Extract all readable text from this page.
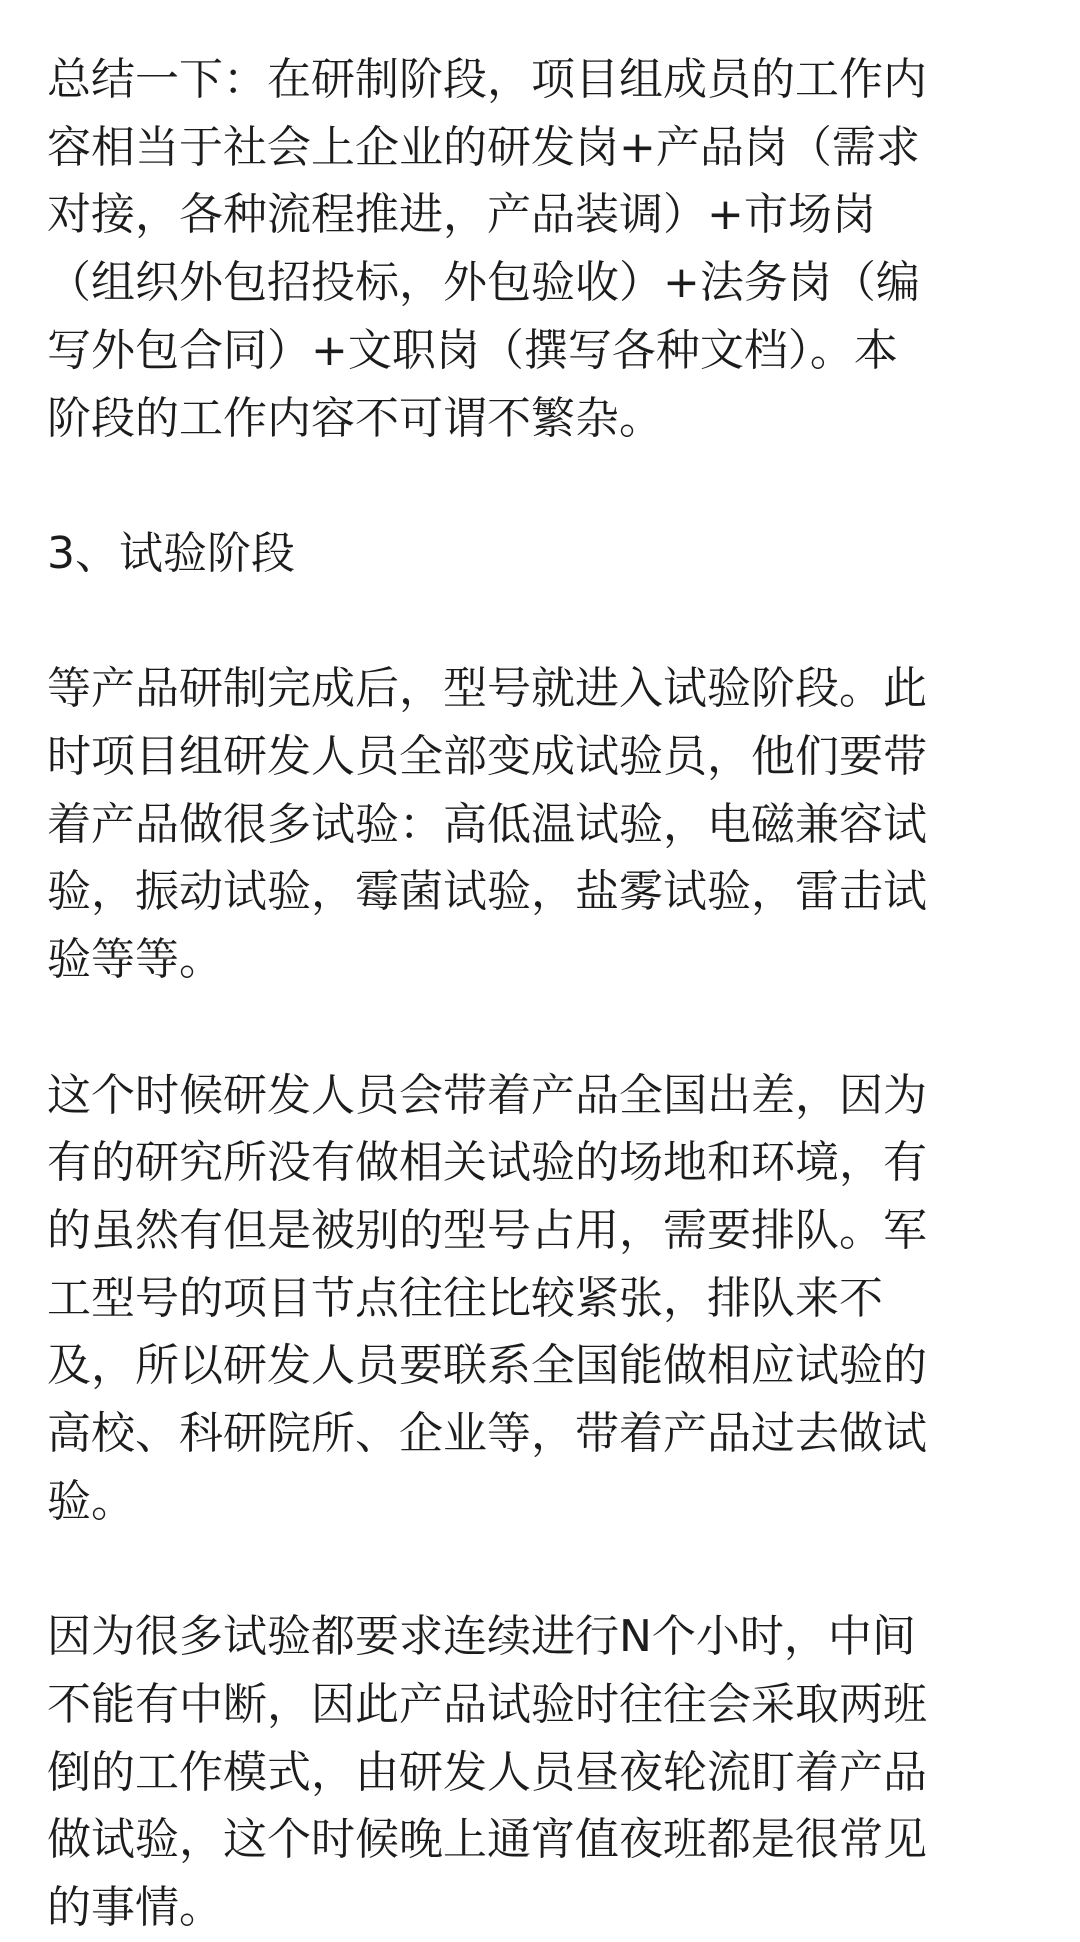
总结一下：在研制阶段，项目组成员的工作内
容相当于社会上企业的研发岗+产品岗（需求
对接，各种流程推进，产品装调）+市场岗
（组织外包招投标，外包验收）+法务岗（编
写外包合同）+文职岗（撰写各种文档）。本
阶段的工作内容不可谓不繁杂。
3、试验阶段
等产品研制完成后，型号就进入试验阶段。此
时项目组研发人员全部变成试验员，他们要带
着产品做很多试验：高低温试验，电磁兼容试
验，振动试验，霉菌试验，盐雾试验，雷击试
验等等。
这个时候研发人员会带着产品全国出差，因为
有的研究所没有做相关试验的场地和环境，有
的虽然有但是被别的型号占用，需要排队。军
工型号的项目节点往往比较紧张，排队来不
及，所以研发人员要联系全国能做相应试验的
高校、科研院所、企业等，带着产品过去做试
验。
因为很多试验都要求连续进行N个小时，中间
不能有中断，因此产品试验时往往会采取两班
倒的工作模式，由研发人员昼夜轮流盯着产品
做试验，这个时候晚上通宵值夜班都是很常见
的事情。
